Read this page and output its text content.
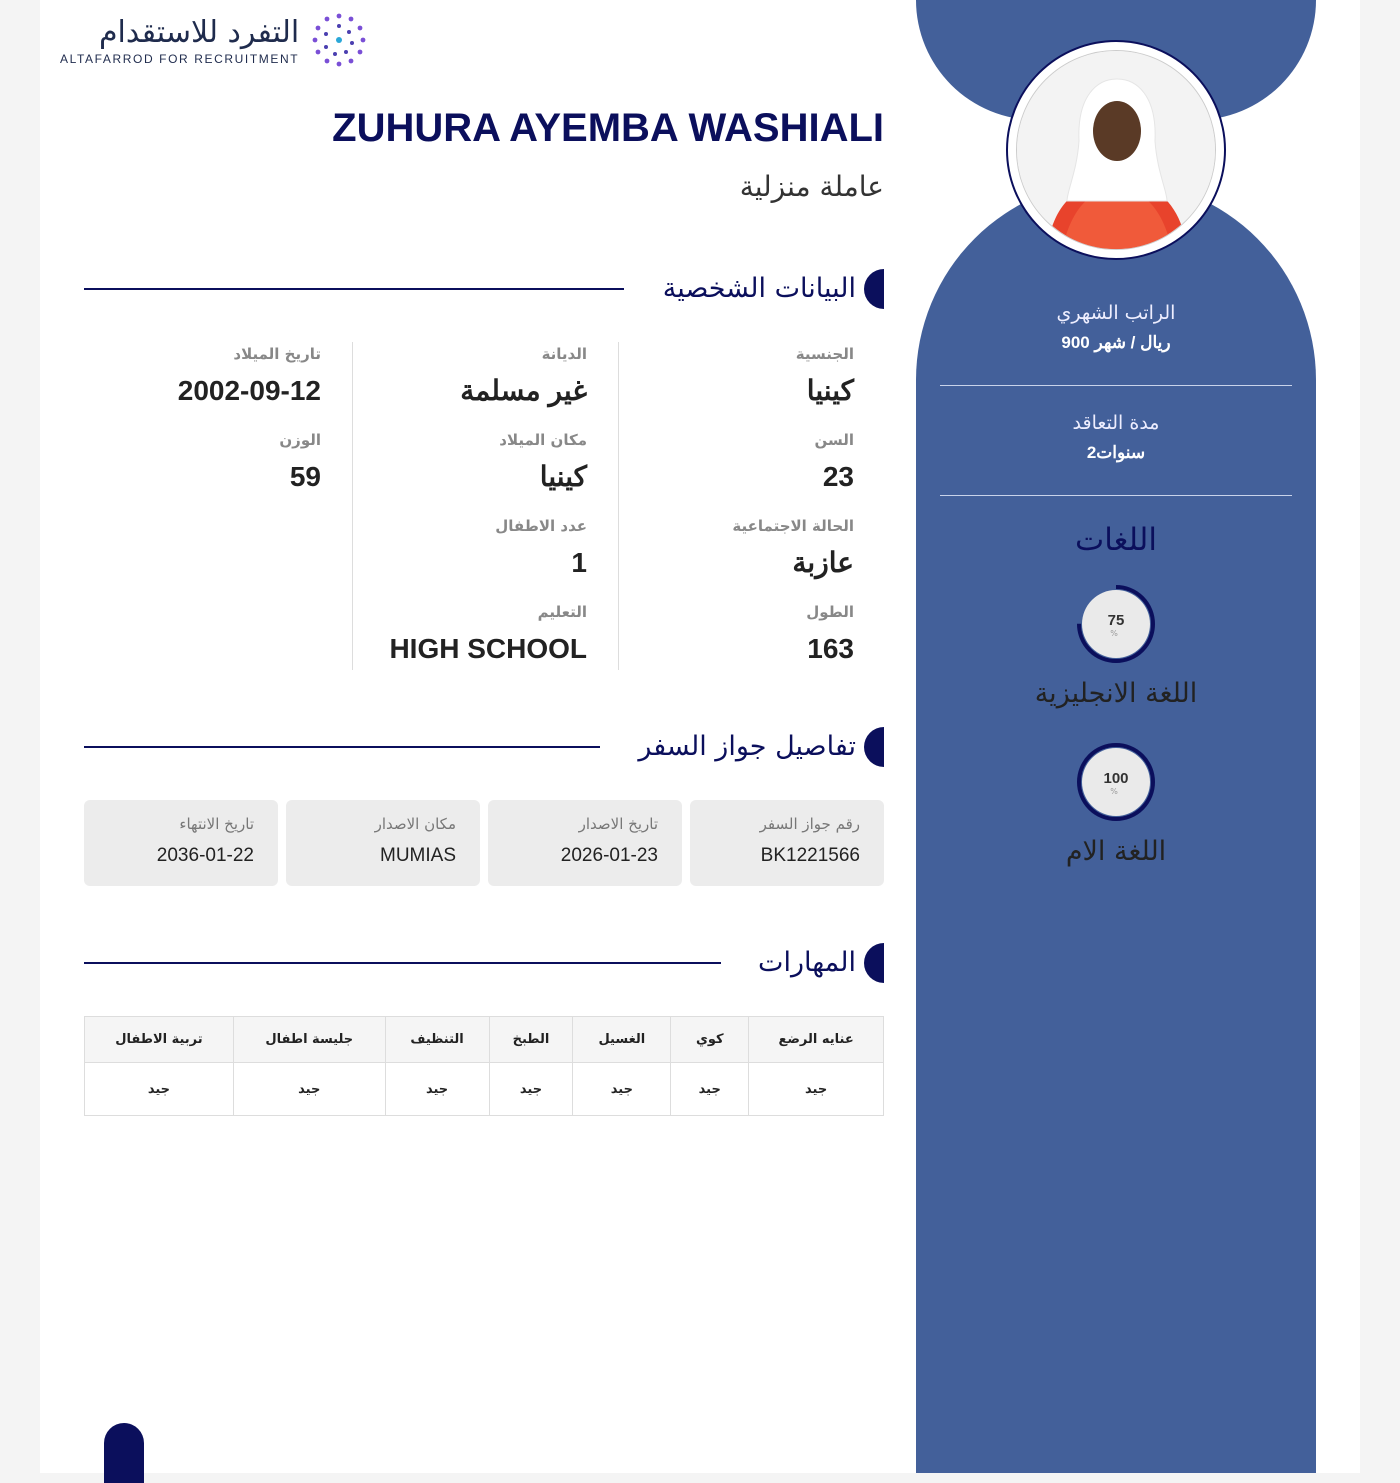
التفرد للاستقدام
ALTAFARROD FOR RECRUITMENT
الراتب الشهري
900 ريال / شهر
مدة التعاقد
2سنوات
اللغات
75
%
اللغة الانجليزية
100
%
اللغة الام
ZUHURA AYEMBA WASHIALI
عاملة منزلية
البيانات الشخصية
الجنسية
كينيا
السن
23
الحالة الاجتماعية
عازبة
الطول
163
الديانة
غير مسلمة
مكان الميلاد
كينيا
عدد الاطفال
1
التعليم
HIGH SCHOOL
تاريخ الميلاد
2002-09-12
الوزن
59
تفاصيل جواز السفر
رقم جواز السفر
BK1221566
تاريخ الاصدار
2026-01-23
مكان الاصدار
MUMIAS
تاريخ الانتهاء
2036-01-22
المهارات
عنايه الرضع	كوي	الغسيل	الطبخ	التنظيف	جليسة اطفال	تربية الاطفال
جيد	جيد	جيد	جيد	جيد	جيد	جيد
